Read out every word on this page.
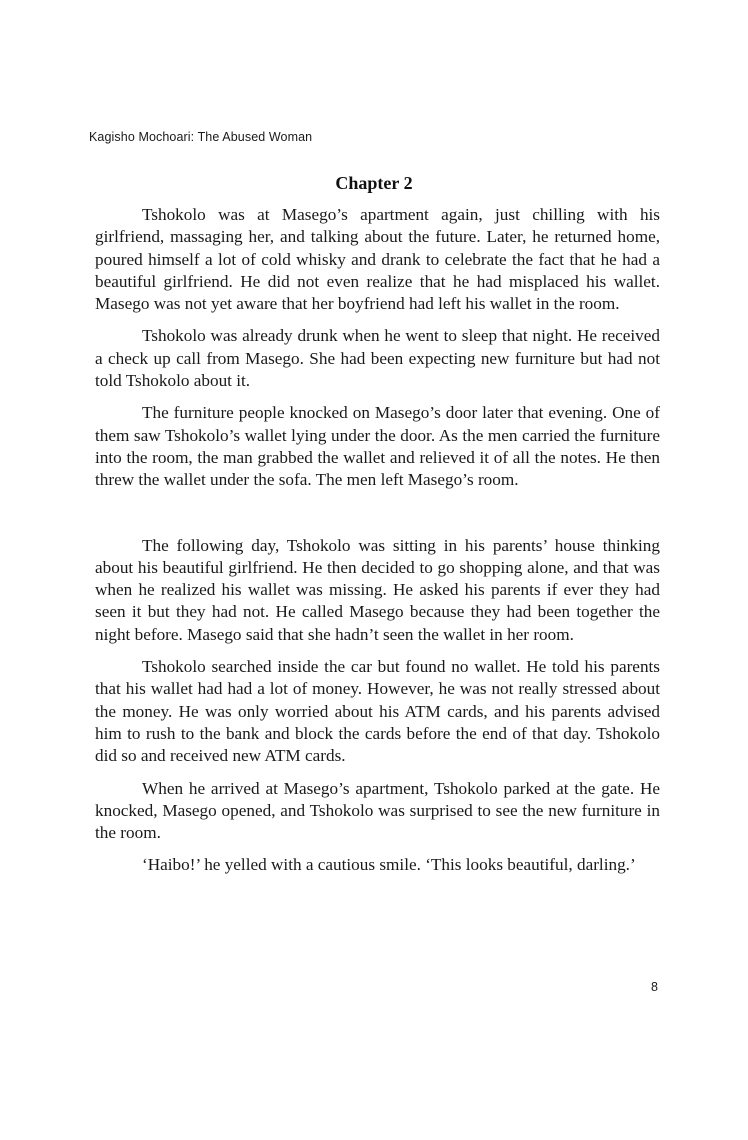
Kagisho Mochoari: The Abused Woman
Chapter 2

Tshokolo was at Masego’s apartment again, just chilling with his girlfriend, massaging her, and talking about the future. Later, he returned home, poured himself a lot of cold whisky and drank to celebrate the fact that he had a beautiful girlfriend. He did not even realize that he had misplaced his wallet. Masego was not yet aware that her boyfriend had left his wallet in the room.

Tshokolo was already drunk when he went to sleep that night. He received a check up call from Masego. She had been expecting new furniture but had not told Tshokolo about it.

The furniture people knocked on Masego’s door later that evening. One of them saw Tshokolo’s wallet lying under the door. As the men carried the furniture into the room, the man grabbed the wallet and relieved it of all the notes. He then threw the wallet under the sofa. The men left Masego’s room.

The following day, Tshokolo was sitting in his parents’ house thinking about his beautiful girlfriend. He then decided to go shopping alone, and that was when he realized his wallet was missing. He asked his parents if ever they had seen it but they had not. He called Masego because they had been together the night before. Masego said that she hadn’t seen the wallet in her room.

Tshokolo searched inside the car but found no wallet. He told his parents that his wallet had had a lot of money. However, he was not really stressed about the money. He was only worried about his ATM cards, and his parents advised him to rush to the bank and block the cards before the end of that day. Tshokolo did so and received new ATM cards.

When he arrived at Masego’s apartment, Tshokolo parked at the gate. He knocked, Masego opened, and Tshokolo was surprised to see the new furniture in the room.

‘Haibo!’ he yelled with a cautious smile. ‘This looks beautiful, darling.’

8
